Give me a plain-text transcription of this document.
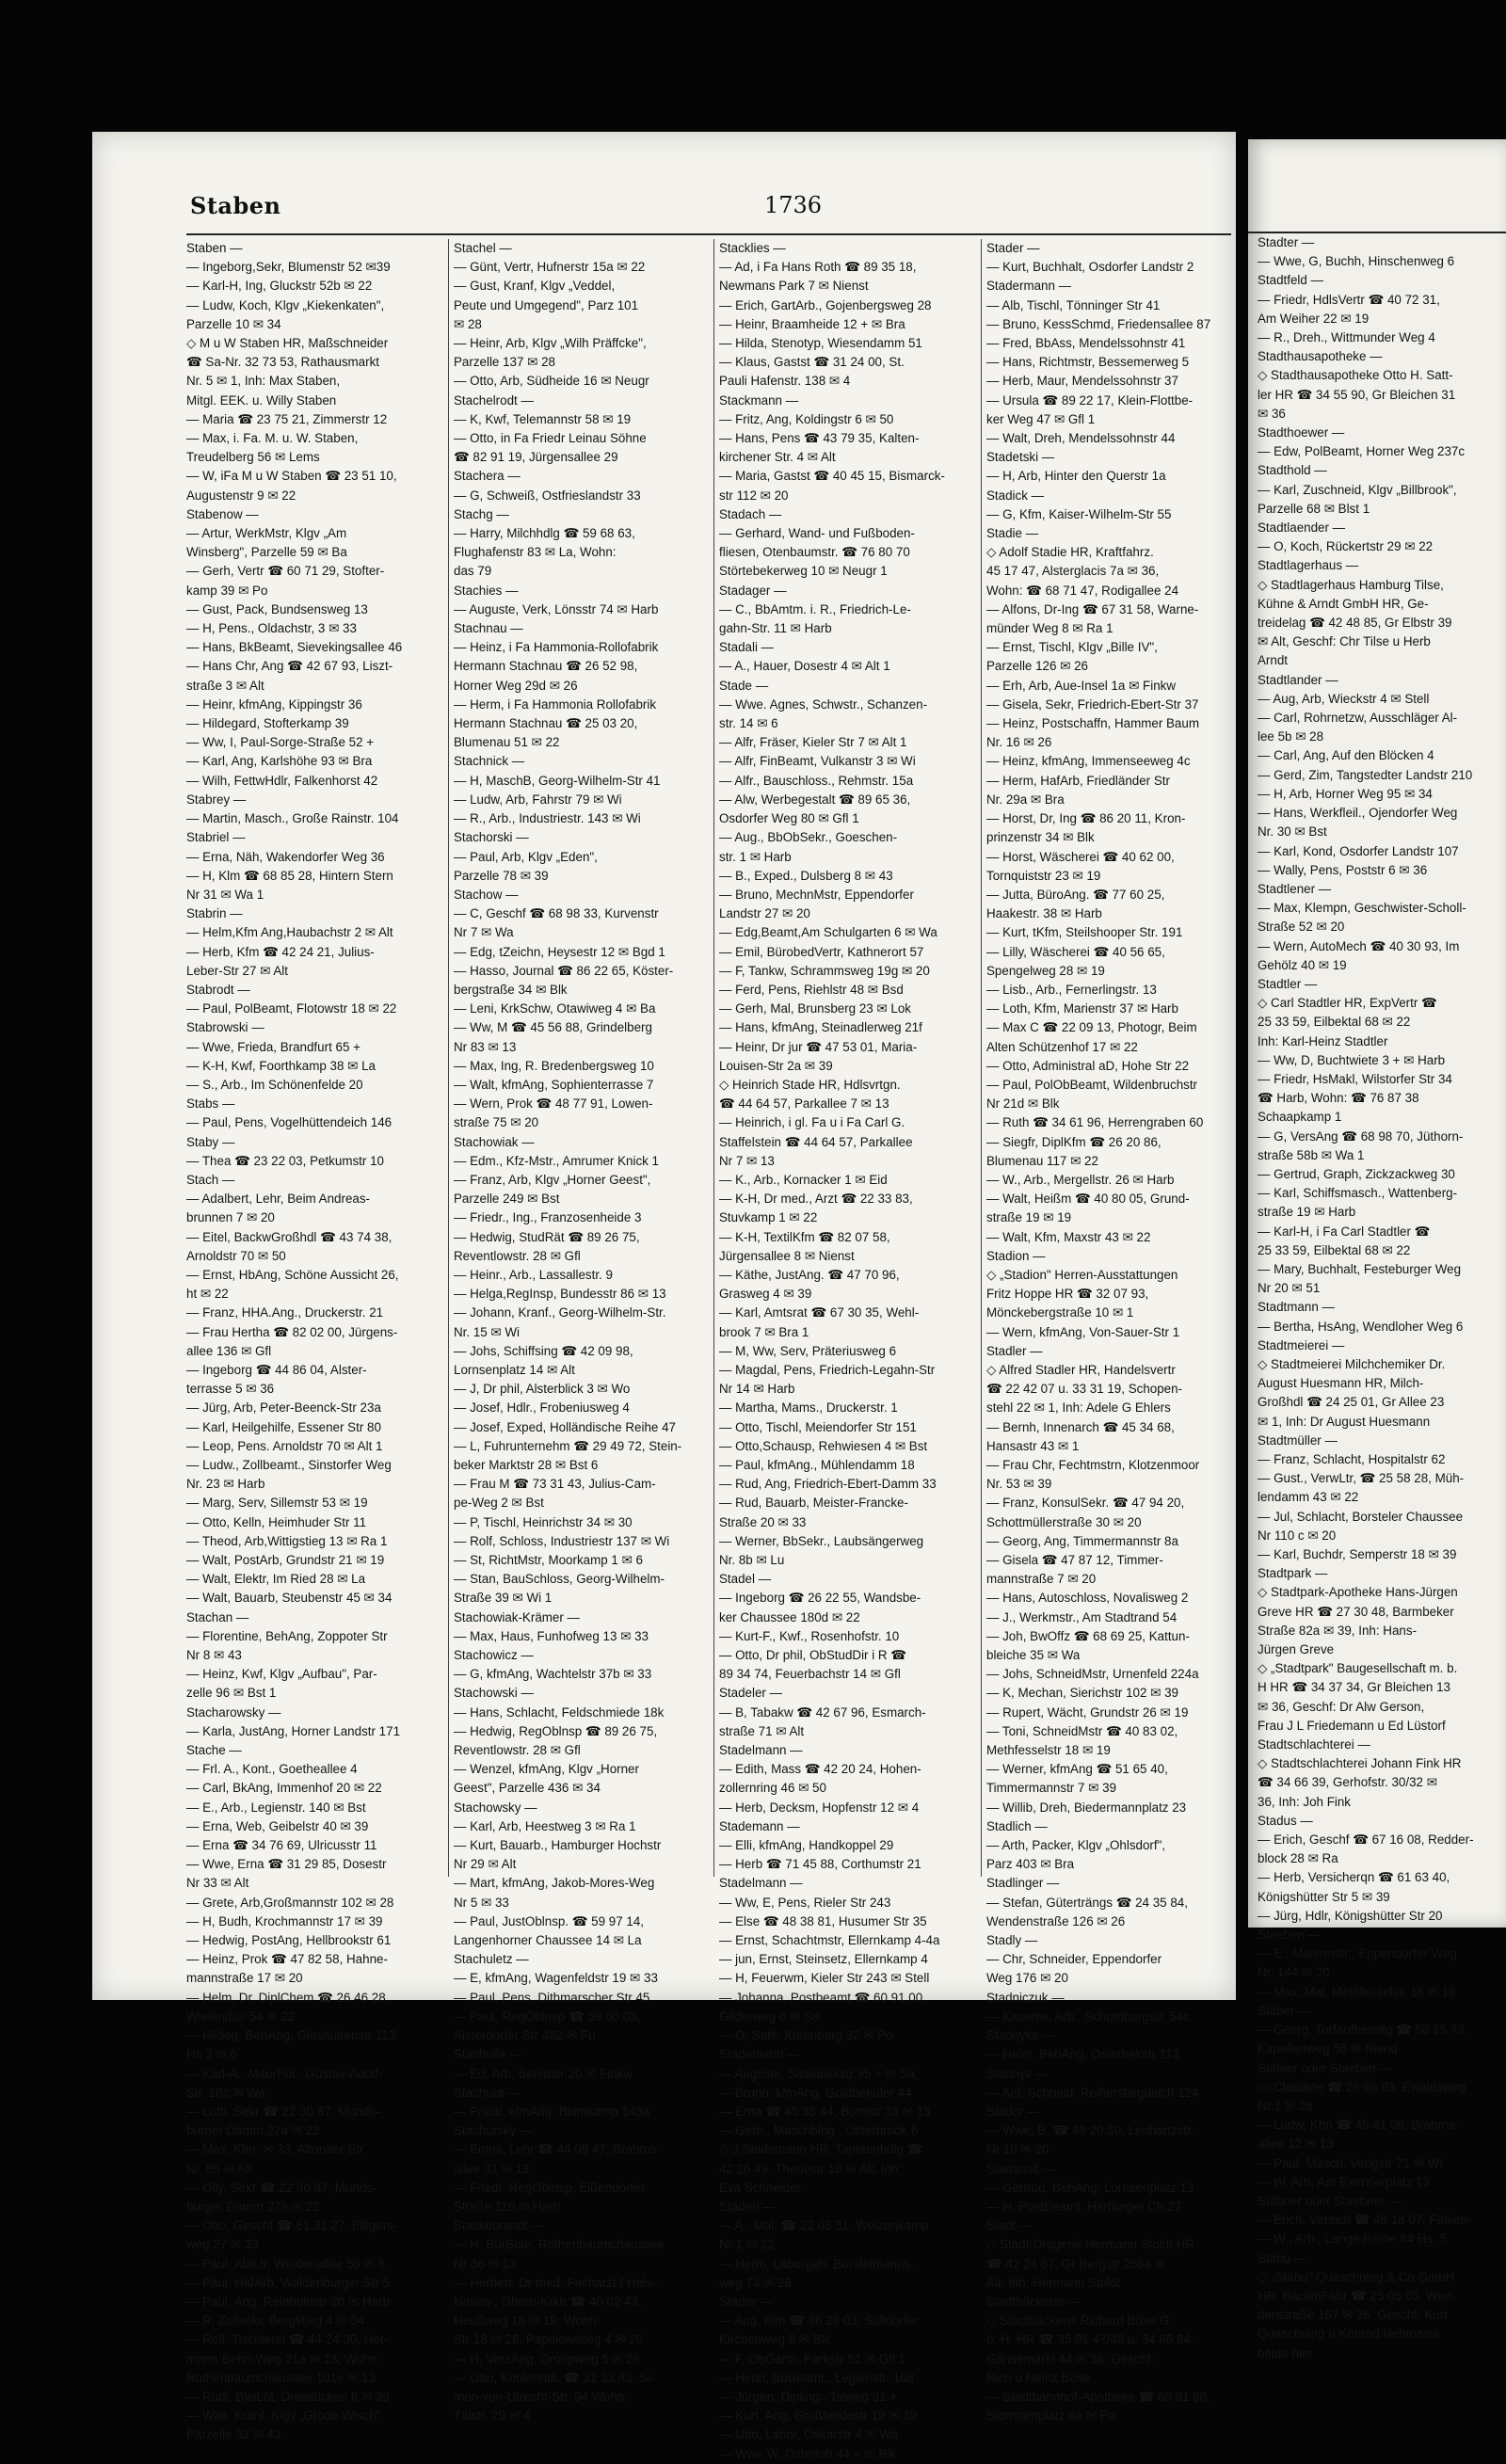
Staben	1736
Staben —
— Ingeborg,Sekr, Blumenstr 52 ✉39
— Karl-H, Ing, Gluckstr 52b ✉ 22
— Ludw, Koch, Klgv „Kiekenkaten",
Parzelle 10 ✉ 34
◇ M u W Staben HR, Maßschneider
☎ Sa-Nr. 32 73 53, Rathausmarkt
Nr. 5 ✉ 1, Inh: Max Staben,
Mitgl. EEK. u. Willy Staben
— Maria ☎ 23 75 21, Zimmerstr 12
— Max, i. Fa. M. u. W. Staben,
Treudelberg 56 ✉ Lems
— W, iFa M u W Staben ☎ 23 51 10,
Augustenstr 9 ✉ 22
Stabenow —
— Artur, WerkMstr, Klgv „Am
Winsberg", Parzelle 59 ✉ Ba
— Gerh, Vertr ☎ 60 71 29, Stofter-
kamp 39 ✉ Po
— Gust, Pack, Bundsensweg 13
— H, Pens., Oldachstr, 3 ✉ 33
— Hans, BkBeamt, Sievekingsallee 46
— Hans Chr, Ang ☎ 42 67 93, Liszt-
straße 3 ✉ Alt
— Heinr, kfmAng, Kippingstr 36
— Hildegard, Stofterkamp 39
— Ww, I, Paul-Sorge-Straße 52 +
— Karl, Ang, Karlshöhe 93 ✉ Bra
— Wilh, FettwHdlr, Falkenhorst 42
Stabrey —
— Martin, Masch., Große Rainstr. 104
Stabriel —
— Erna, Näh, Wakendorfer Weg 36
— H, Klm ☎ 68 85 28, Hintern Stern
Nr 31 ✉ Wa 1
Stabrin —
— Helm,Kfm Ang,Haubachstr 2 ✉ Alt
— Herb, Kfm ☎ 42 24 21, Julius-
Leber-Str 27 ✉ Alt
Stabrodt —
— Paul, PolBeamt, Flotowstr 18 ✉ 22
Stabrowski —
— Wwe, Frieda, Brandfurt 65 +
— K-H, Kwf, Foorthkamp 38 ✉ La
— S., Arb., Im Schönenfelde 20
Stabs —
— Paul, Pens, Vogelhüttendeich 146
Staby —
— Thea ☎ 23 22 03, Petkumstr 10
Stach —
— Adalbert, Lehr, Beim Andreas-
brunnen 7 ✉ 20
— Eitel, BackwGroßhdl ☎ 43 74 38,
Arnoldstr 70 ✉ 50
— Ernst, HbAng, Schöne Aussicht 26,
ht ✉ 22
— Franz, HHA.Ang., Druckerstr. 21
— Frau Hertha ☎ 82 02 00, Jürgens-
allee 136 ✉ Gfl
— Ingeborg ☎ 44 86 04, Alster-
terrasse 5 ✉ 36
— Jürg, Arb, Peter-Beenck-Str 23a
— Karl, Heilgehilfe, Essener Str 80
— Leop, Pens. Arnoldstr 70 ✉ Alt 1
— Ludw., Zollbeamt., Sinstorfer Weg
Nr. 23 ✉ Harb
— Marg, Serv, Sillemstr 53 ✉ 19
— Otto, Kelln, Heimhuder Str 11
— Theod, Arb,Wittigstieg 13 ✉ Ra 1
— Walt, PostArb, Grundstr 21 ✉ 19
— Walt, Elektr, Im Ried 28 ✉ La
— Walt, Bauarb, Steubenstr 45 ✉ 34
Stachan —
— Florentine, BehAng, Zoppoter Str
Nr 8 ✉ 43
— Heinz, Kwf, Klgv „Aufbau", Par-
zelle 96 ✉ Bst 1
Stacharowsky —
— Karla, JustAng, Horner Landstr 171
Stache —
— Frl. A., Kont., Goetheallee 4
— Carl, BkAng, Immenhof 20 ✉ 22
— E., Arb., Legienstr. 140 ✉ Bst
— Erna, Web, Geibelstr 40 ✉ 39
— Erna ☎ 34 76 69, Ulricusstr 11
— Wwe, Erna ☎ 31 29 85, Dosestr
Nr 33 ✉ Alt
— Grete, Arb,Großmannstr 102 ✉ 28
— H, Budh, Krochmannstr 17 ✉ 39
— Hedwig, PostAng, Hellbrookstr 61
— Heinz, Prok ☎ 47 82 58, Hahne-
mannstraße 17 ✉ 20
— Helm, Dr, DiplChem ☎ 26 46 28,
Wielandstr 54 ✉ 22
— Hildeg, BehAng, Glashüttenstr 113
Hs 3 ✉ 6
— Karl-A., MaurPol., Gustav-Adolf-
Str. 18c ✉ Wa
— Lotti, Sekr ☎ 22 30 87, Munds-
burger Damm 27a ✉ 22
— Max, Kfm. ✉ 33, Altonaer Str
Nr. 85 ✉ Alt
— Olly, Sekr ☎ 22 30 87, Munds-
burger Damm 27a ✉ 22
— Otto, Geschf ☎ 61 31 27, Elligers-
weg 27 ✉ 33
— Paul, AbtLtr, Weidenallee 59 ✉ 6
— Paul, HafArb, Waldenburger Str 5
— Paul, Ang, Reinholdstr 20 ✉ Harb
— R, Zollsekr, Bergstieg 4 ✉ 34
— Rolf, Tischlerei ☎ 44 24 30, Her-
mann-Behn-Weg 21a ✉ 13, Wohn:
Rothenbaumchaussee 101e ✉ 13
— Rudi, BleiLöt, Dreistücken 8 ✉ 39
— Walt, Kranf, Klgv „Grode Wisch",
Parzelle 33 ✉ 43
Stachel —
— Günt, Vertr, Hufnerstr 15a ✉ 22
— Gust, Kranf, Klgv „Veddel,
Peute und Umgegend", Parz 101
✉ 28
— Heinr, Arb, Klgv „Wilh Präffcke",
Parzelle 137 ✉ 28
— Otto, Arb, Südheide 16 ✉ Neugr
Stachelrodt —
— K, Kwf, Telemannstr 58 ✉ 19
— Otto, in Fa Friedr Leinau Söhne
☎ 82 91 19, Jürgensallee 29
Stachera —
— G, Schweiß, Ostfrieslandstr 33
Stachg —
— Harry, Milchhdlg ☎ 59 68 63,
Flughafenstr 83 ✉ La, Wohn:
das 79
Stachies —
— Auguste, Verk, Lönsstr 74 ✉ Harb
Stachnau —
— Heinz, i Fa Hammonia-Rollofabrik
Hermann Stachnau ☎ 26 52 98,
Horner Weg 29d ✉ 26
— Herm, i Fa Hammonia Rollofabrik
Hermann Stachnau ☎ 25 03 20,
Blumenau 51 ✉ 22
Stachnick —
— H, MaschB, Georg-Wilhelm-Str 41
— Ludw, Arb, Fahrstr 79 ✉ Wi
— R., Arb., Industriestr. 143 ✉ Wi
Stachorski —
— Paul, Arb, Klgv „Eden",
Parzelle 78 ✉ 39
Stachow —
— C, Geschf ☎ 68 98 33, Kurvenstr
Nr 7 ✉ Wa
— Edg, tZeichn, Heysestr 12 ✉ Bgd 1
— Hasso, Journal ☎ 86 22 65, Köster-
bergstraße 34 ✉ Blk
— Leni, KrkSchw, Otawiweg 4 ✉ Ba
— Ww, M ☎ 45 56 88, Grindelberg
Nr 83 ✉ 13
— Max, Ing, R. Bredenbergsweg 10
— Walt, kfmAng, Sophienterrasse 7
— Wern, Prok ☎ 48 77 91, Lowen-
straße 75 ✉ 20
Stachowiak —
— Edm., Kfz-Mstr., Amrumer Knick 1
— Franz, Arb, Klgv „Horner Geest",
Parzelle 249 ✉ Bst
— Friedr., Ing., Franzosenheide 3
— Hedwig, StudRät ☎ 89 26 75,
Reventlowstr. 28 ✉ Gfl
— Heinr., Arb., Lassallestr. 9
— Helga,RegInsp, Bundesstr 86 ✉ 13
— Johann, Kranf., Georg-Wilhelm-Str.
Nr. 15 ✉ Wi
— Johs, Schiffsing ☎ 42 09 98,
Lornsenplatz 14 ✉ Alt
— J, Dr phil, Alsterblick 3 ✉ Wo
— Josef, Hdlr., Frobeniusweg 4
— Josef, Exped, Holländische Reihe 47
— L, Fuhrunternehm ☎ 29 49 72, Stein-
beker Marktstr 28 ✉ Bst 6
— Frau M ☎ 73 31 43, Julius-Cam-
pe-Weg 2 ✉ Bst
— P, Tischl, Heinrichstr 34 ✉ 30
— Rolf, Schloss, Industriestr 137 ✉ Wi
— St, RichtMstr, Moorkamp 1 ✉ 6
— Stan, BauSchloss, Georg-Wilhelm-
Straße 39 ✉ Wi 1
Stachowiak-Krämer —
— Max, Haus, Funhofweg 13 ✉ 33
Stachowicz —
— G, kfmAng, Wachtelstr 37b ✉ 33
Stachowski —
— Hans, Schlacht, Feldschmiede 18k
— Hedwig, RegOblnsp ☎ 89 26 75,
Reventlowstr. 28 ✉ Gfl
— Wenzel, kfmAng, Klgv „Horner
Geest", Parzelle 436 ✉ 34
Stachowsky —
— Karl, Arb, Heestweg 3 ✉ Ra 1
— Kurt, Bauarb., Hamburger Hochstr
Nr 29 ✉ Alt
— Mart, kfmAng, Jakob-Mores-Weg
Nr 5 ✉ 33
— Paul, JustOblnsp. ☎ 59 97 14,
Langenhorner Chaussee 14 ✉ La
Stachuletz —
— E, kfmAng, Wagenfeldstr 19 ✉ 33
— Paul, Pens, Dithmarscher Str 45
— Paul, RegOblnsp ☎ 59 60 03,
Alsterdorfer Str 482 ✉ Fu
Stachulla —
— Ed, Arb, Benittstr 20 ✉ Finkw
Stachura —
— Friedr, kfmAng, Blomkamp 143a
Stachursky —
— Emmi, Lehr ☎ 44 09 47, Brahms-
allee 31 ✉ 13
— Friedr, RegOblnsp, Eißendorfer
Straße 110 ✉ Harb
Stackebrandt —
— H, BürBote, Rothenbaumchaussee
Nr 36 ✉ 13
— Herbert, Dr med, Facharzt f Hals-,
Nasen-, Ohren-Krkh ☎ 40 02 43,
Heußweg 18 ✉ 19, Wohn:
Str 18 ✉ 26, Papelowstieg 4 ✉ 20
— H, VersAng, Droopweg 5 ✉ 26
— Otto, Kohlenhdl. ☎ 31 33 83, Si-
mon-von-Utrecht-Str. 94 Wohn:
Tälstr. 29 ✉ 4
Stacklies —
— Ad, i Fa Hans Roth ☎ 89 35 18,
Newmans Park 7 ✉ Nienst
— Erich, GartArb., Gojenbergsweg 28
— Heinr, Braamheide 12 + ✉ Bra
— Hilda, Stenotyp, Wiesendamm 51
— Klaus, Gastst ☎ 31 24 00, St.
Pauli Hafenstr. 138 ✉ 4
Stackmann —
— Fritz, Ang, Koldingstr 6 ✉ 50
— Hans, Pens ☎ 43 79 35, Kalten-
kirchener Str. 4 ✉ Alt
— Maria, Gastst ☎ 40 45 15, Bismarck-
str 112 ✉ 20
Stadach —
— Gerhard, Wand- und Fußboden-
fliesen, Otenbaumstr. ☎ 76 80 70
Störtebekerweg 10 ✉ Neugr 1
Stadager —
— C., BbAmtm. i. R., Friedrich-Le-
gahn-Str. 11 ✉ Harb
Stadali —
— A., Hauer, Dosestr 4 ✉ Alt 1
Stade —
— Wwe. Agnes, Schwstr., Schanzen-
str. 14 ✉ 6
— Alfr, Fräser, Kieler Str 7 ✉ Alt 1
— Alfr, FinBeamt, Vulkanstr 3 ✉ Wi
— Alfr., Bauschloss., Rehmstr. 15a
— Alw, Werbegestalt ☎ 89 65 36,
Osdorfer Weg 80 ✉ Gfl 1
— Aug., BbObSekr., Goeschen-
str. 1 ✉ Harb
— B., Exped., Dulsberg 8 ✉ 43
— Bruno, MechnMstr, Eppendorfer
Landstr 27 ✉ 20
— Edg,Beamt,Am Schulgarten 6 ✉ Wa
— Emil, BürobedVertr, Kathnerort 57
— F, Tankw, Schrammsweg 19g ✉ 20
— Ferd, Pens, Riehlstr 48 ✉ Bsd
— Gerh, Mal, Brunsberg 23 ✉ Lok
— Hans, kfmAng, Steinadlerweg 21f
— Heinr, Dr jur ☎ 47 53 01, Maria-
Louisen-Str 2a ✉ 39
◇ Heinrich Stade HR, Hdlsvrtgn.
☎ 44 64 57, Parkallee 7 ✉ 13
— Heinrich, i gl. Fa u i Fa Carl G.
Staffelstein ☎ 44 64 57, Parkallee
Nr 7 ✉ 13
— K., Arb., Kornacker 1 ✉ Eid
— K-H, Dr med., Arzt ☎ 22 33 83,
Stuvkamp 1 ✉ 22
— K-H, TextilKfm ☎ 82 07 58,
Jürgensallee 8 ✉ Nienst
— Käthe, JustAng. ☎ 47 70 96,
Grasweg 4 ✉ 39
— Karl, Amtsrat ☎ 67 30 35, Wehl-
brook 7 ✉ Bra 1
— M, Ww, Serv, Präteriusweg 6
— Magdal, Pens, Friedrich-Legahn-Str
Nr 14 ✉ Harb
— Martha, Mams., Druckerstr. 1
— Otto, Tischl, Meiendorfer Str 151
— Otto,Schausp, Rehwiesen 4 ✉ Bst
— Paul, kfmAng., Mühlendamm 18
— Rud, Ang, Friedrich-Ebert-Damm 33
— Rud, Bauarb, Meister-Francke-
Straße 20 ✉ 33
— Werner, BbSekr., Laubsängerweg
Nr. 8b ✉ Lu
Stadel —
— Ingeborg ☎ 26 22 55, Wandsbe-
ker Chaussee 180d ✉ 22
— Kurt-F., Kwf., Rosenhofstr. 10
— Otto, Dr phil, ObStudDir i R ☎
89 34 74, Feuerbachstr 14 ✉ Gfl
Stadeler —
— B, Tabakw ☎ 42 67 96, Esmarch-
straße 71 ✉ Alt
Stadelmann —
— Edith, Mass ☎ 42 20 24, Hohen-
zollernring 46 ✉ 50
— Herb, Decksm, Hopfenstr 12 ✉ 4
Stademann —
— Elli, kfmAng, Handkoppel 29
— Herb ☎ 71 45 88, Corthumstr 21
Stadelmann —
— Ww, E, Pens, Rieler Str 243
— Else ☎ 48 38 81, Husumer Str 35
— Ernst, Schachtmstr, Ellernkamp 4-4a
— jun, Ernst, Steinsetz, Ellernkamp 4
— H, Feuerwm, Kieler Str 243 ✉ Stell
— Johanna, Postbeamt ☎ 60 91 00,
Gilderweg 6 ✉ Sa
— O, Sattl, Kritenbarg 32 ✉ Po
Stademann —
— Auguste, Saselbekstr 95 + ✉ Sa
— Bruno, kfmAng, Goldbekufer 44
— Erna ☎ 45 35 44, Bornstr 33 ✉ 13
— Gerh., Maschblng., Osterbrook 6
◇ J.Stademann HR, Tapetenhdlg ☎
42 26 49, Thedestr 16 ✉ Alt, Inh:
Eva Schneider
Staden —
— A., Mal. ☎ 22 03 31, Weizenkamp
Nr 1 ✉ 22
— Herm, Laborgeh, Borstelmanns-
weg 74 ✉ 26
Stader —
— Aug, Klm ☎ 86 28 03, Sülldorfer
Kirchenweg 8 ✉ Blk
— F, ObGärtn, Parkstr 51 ✉ Gfl 1
— Henri, BbBeamt., Legienstr. 168
— Jürgen, Dipling., Talweg 31 +
— Kurt, Ang, Großheidestr 19 ✉ 39
— Udo, Labor, Oskarstr 4 ✉ Wa
— Wwe W, Osterloh 44 + ✉ Blk
Stader —
— Kurt, Buchhalt, Osdorfer Landstr 2
Stadermann —
— Alb, Tischl, Tönninger Str 41
— Bruno, KessSchmd, Friedensallee 87
— Fred, BbAss, Mendelssohnstr 41
— Hans, Richtmstr, Bessemerweg 5
— Herb, Maur, Mendelssohnstr 37
— Ursula ☎ 89 22 17, Klein-Flottbe-
ker Weg 47 ✉ Gfl 1
— Walt, Dreh, Mendelssohnstr 44
Stadetski —
— H, Arb, Hinter den Querstr 1a
Stadick —
— G, Kfm, Kaiser-Wilhelm-Str 55
Stadie —
◇ Adolf Stadie HR, Kraftfahrz.
45 17 47, Alsterglacis 7a ✉ 36,
Wohn: ☎ 68 71 47, Rodigallee 24
— Alfons, Dr-Ing ☎ 67 31 58, Warne-
münder Weg 8 ✉ Ra 1
— Ernst, Tischl, Klgv „Bille IV",
Parzelle 126 ✉ 26
— Erh, Arb, Aue-Insel 1a ✉ Finkw
— Gisela, Sekr, Friedrich-Ebert-Str 37
— Heinz, Postschaffn, Hammer Baum
Nr. 16 ✉ 26
— Heinz, kfmAng, Immenseeweg 4c
— Herm, HafArb, Friedländer Str
Nr. 29a ✉ Bra
— Horst, Dr, Ing ☎ 86 20 11, Kron-
prinzenstr 34 ✉ Blk
— Horst, Wäscherei ☎ 40 62 00,
Tornquiststr 23 ✉ 19
— Jutta, BüroAng. ☎ 77 60 25,
Haakestr. 38 ✉ Harb
— Kurt, tKfm, Steilshooper Str. 191
— Lilly, Wäscherei ☎ 40 56 65,
Spengelweg 28 ✉ 19
— Lisb., Arb., Fernerlingstr. 13
— Loth, Kfm, Marienstr 37 ✉ Harb
— Max C ☎ 22 09 13, Photogr, Beim
Alten Schützenhof 17 ✉ 22
— Otto, Administral aD, Hohe Str 22
— Paul, PolObBeamt, Wildenbruchstr
Nr 21d ✉ Blk
— Ruth ☎ 34 61 96, Herrengraben 60
— Siegfr, DiplKfm ☎ 26 20 86,
Blumenau 117 ✉ 22
— W., Arb., Mergellstr. 26 ✉ Harb
— Walt, Heißm ☎ 40 80 05, Grund-
straße 19 ✉ 19
— Walt, Kfm, Maxstr 43 ✉ 22
Stadion —
◇ „Stadion" Herren-Ausstattungen
Fritz Hoppe HR ☎ 32 07 93,
Mönckebergstraße 10 ✉ 1
— Wern, kfmAng, Von-Sauer-Str 1
Stadler —
◇ Alfred Stadler HR, Handelsvertr
☎ 22 42 07 u. 33 31 19, Schopen-
stehl 22 ✉ 1, Inh: Adele G Ehlers
— Bernh, Innenarch ☎ 45 34 68,
Hansastr 43 ✉ 1
— Frau Chr, Fechtmstrn, Klotzenmoor
Nr. 53 ✉ 39
— Franz, KonsulSekr. ☎ 47 94 20,
Schottmüllerstraße 30 ✉ 20
— Georg, Ang, Timmermannstr 8a
— Gisela ☎ 47 87 12, Timmer-
mannstraße 7 ✉ 20
— Hans, Autoschloss, Novalisweg 2
— J., Werkmstr., Am Stadtrand 54
— Joh, BwOffz ☎ 68 69 25, Kattun-
bleiche 35 ✉ Wa
— Johs, SchneidMstr, Urnenfeld 224a
— K, Mechan, Sierichstr 102 ✉ 39
— Rupert, Wächt, Grundstr 26 ✉ 19
— Toni, SchneidMstr ☎ 40 83 02,
Methfesselstr 18 ✉ 19
— Werner, kfmAng ☎ 51 65 40,
Timmermannstr 7 ✉ 39
— Willib, Dreh, Biedermannplatz 23
Stadlich —
— Arth, Packer, Klgv „Ohlsdorf",
Parz 403 ✉ Bra
Stadlinger —
— Stefan, Güterträngs ☎ 24 35 84,
Wendenstraße 126 ✉ 26
Stadly —
— Chr, Schneider, Eppendorfer
Weg 176 ✉ 20
Stadniczuk —
— Kasemir, Arb., Schomburgstr. 54c
Stadnyka —
— Helm, BehAng, Osterbekstr 113
Stadnyk —
— Ant, Schneid, Reiherstiegdeich 124
Stador —
— Wwe, B. ☎ 48 20 50, Lenhartzstr.
Nr 10 ✉ 20
Stadsholt —
— Gertrud, BehAng, Lornsenplatz 13
— H, PostBeamt, Harburger Ch 27
Stadt —
◇ Stadt-Drogerie Hermann Stoldt HR
☎ 42 24 67, Gr Bergstr 256a ✉
Alt, Inh: Hermann Stoldt
Stadtbäckerei —
◇ Stadtbäckerei Richard Böse G:
b. H. HR ☎ 35 01 47/48 u. 34 86 64,
Gänsemarkt 44 ✉ 36, Geschf:
Rich u Heinz Böse
— Stadtbahnhof-Apotheke ☎ 60 91 96,
Stormarnplatz 6a ✉ Po
Stadter —
— Wwe, G, Buchh, Hinschenweg 6
Stadtfeld —
— Friedr, HdlsVertr ☎ 40 72 31,
Am Weiher 22 ✉ 19
— R., Dreh., Wittmunder Weg 4
Stadthausapotheke —
◇ Stadthausapotheke Otto H. Satt-
ler HR ☎ 34 55 90, Gr Bleichen 31
✉ 36
Stadthoewer —
— Edw, PolBeamt, Horner Weg 237c
Stadthold —
— Karl, Zuschneid, Klgv „Billbrook",
Parzelle 68 ✉ Blst 1
Stadtlaender —
— O, Koch, Rückertstr 29 ✉ 22
Stadtlagerhaus —
◇ Stadtlagerhaus Hamburg Tilse,
Kühne & Arndt GmbH HR, Ge-
treidelag ☎ 42 48 85, Gr Elbstr 39
✉ Alt, Geschf: Chr Tilse u Herb
Arndt
Stadtlander —
— Aug, Arb, Wieckstr 4 ✉ Stell
— Carl, Rohrnetzw, Ausschläger Al-
lee 5b ✉ 28
— Carl, Ang, Auf den Blöcken 4
— Gerd, Zim, Tangstedter Landstr 210
— H, Arb, Horner Weg 95 ✉ 34
— Hans, Werkfleil., Ojendorfer Weg
Nr. 30 ✉ Bst
— Karl, Kond, Osdorfer Landstr 107
— Wally, Pens, Poststr 6 ✉ 36
Stadtlener —
— Max, Klempn, Geschwister-Scholl-
Straße 52 ✉ 20
— Wern, AutoMech ☎ 40 30 93, Im
Gehölz 40 ✉ 19
Stadtler —
◇ Carl Stadtler HR, ExpVertr ☎
25 33 59, Eilbektal 68 ✉ 22
Inh: Karl-Heinz Stadtler
— Ww, D, Buchtwiete 3 + ✉ Harb
— Friedr, HsMakl, Wilstorfer Str 34
☎ Harb, Wohn: ☎ 76 87 38
Schaapkamp 1
— G, VersAng ☎ 68 98 70, Jüthorn-
straße 58b ✉ Wa 1
— Gertrud, Graph, Zickzackweg 30
— Karl, Schiffsmasch., Wattenberg-
straße 19 ✉ Harb
— Karl-H, i Fa Carl Stadtler ☎
25 33 59, Eilbektal 68 ✉ 22
— Mary, Buchhalt, Festeburger Weg
Nr 20 ✉ 51
Stadtmann —
— Bertha, HsAng, Wendloher Weg 6
Stadtmeierei —
◇ Stadtmeierei Milchchemiker Dr.
August Huesmann HR, Milch-
Großhdl ☎ 24 25 01, Gr Allee 23
✉ 1, Inh: Dr August Huesmann
Stadtmüller —
— Franz, Schlacht, Hospitalstr 62
— Gust., VerwLtr, ☎ 25 58 28, Müh-
lendamm 43 ✉ 22
— Jul, Schlacht, Borsteler Chaussee
Nr 110 c ✉ 20
— Karl, Buchdr, Semperstr 18 ✉ 39
Stadtpark —
◇ Stadtpark-Apotheke Hans-Jürgen
Greve HR ☎ 27 30 48, Barmbeker
Straße 82a ✉ 39, Inh: Hans-
Jürgen Greve
◇ „Stadtpark" Baugesellschaft m. b.
H HR ☎ 34 37 34, Gr Bleichen 13
✉ 36, Geschf: Dr Alw Gerson,
Frau J L Friedemann u Ed Lüstorf
Stadtschlachterei —
◇ Stadtschlachterei Johann Fink HR
☎ 34 66 39, Gerhofstr. 30/32 ✉
36, Inh: Joh Fink
Stadus —
— Erich, Geschf ☎ 67 16 08, Redder-
block 28 ✉ Ra
— Herb, Versicherqn ☎ 61 63 40,
Königshütter Str 5 ✉ 39
— Jürg, Hdlr, Königshütter Str 20
Staeben —
— E., Malermstr., Eppendorfer Weg
Nr. 144 ✉ 20
— Max, Mal, Methfesselstr 16 ✉ 19
Stäber —
— Georg, Torfaufbereitg ☎ 58 15 73,
Kapellenweg 55 ✉ Niend
Stäbler oder Staebler —
— Claudine ☎ 26 68 93, Ewaldsweg
Nr 1 ✉ 26
— Ludw, Kfm ☎ 45 41 08, Brahms-
allee 12 ✉ 13
— Paul, Masch, Verigstr 71 ✉ Wi
— W, Arb, Am Exerzierplatz 13
Stäbner oder Staebner —
— Erich, Versich ☎ 48 18 07, Falken-
— W., Arb., Lange Reihe 84 Hs. 5
Stäbu —
◇ „Stäbu" Quaschning & Co GmbH
HR, BackmFabr ☎ 25 05 05, Wen-
denstraße 167 ✉ 26, Geschf: Kurt
Quaschning u Konrad Nehmzow
beide hier
